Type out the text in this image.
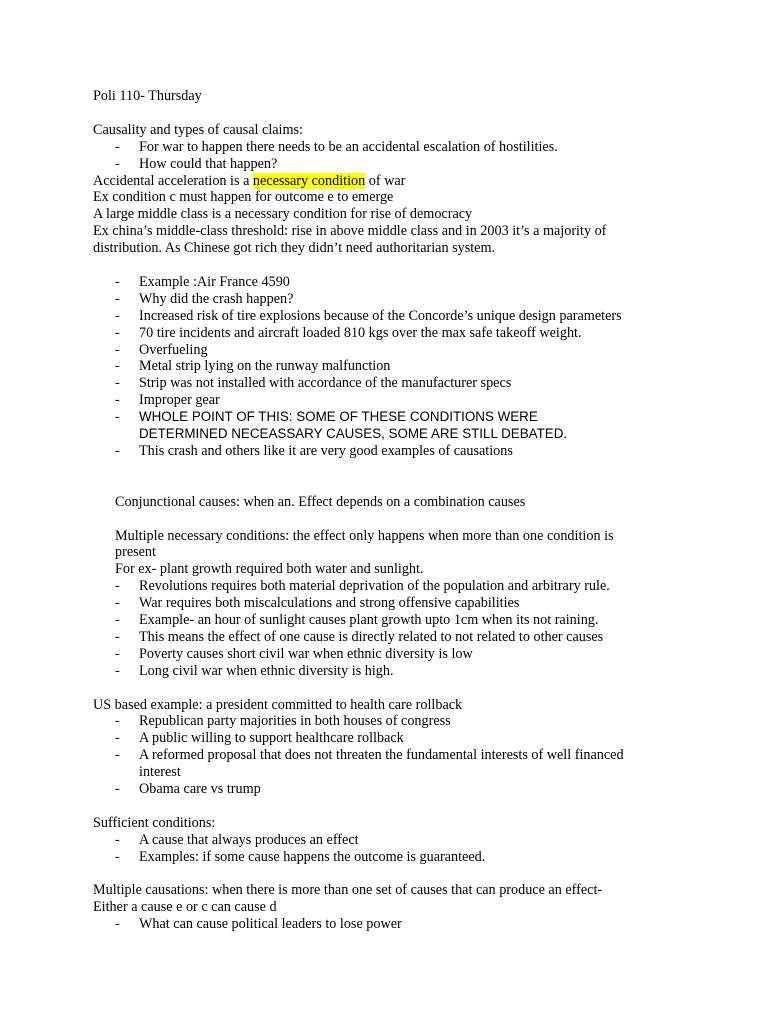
Poli 110- Thursday
Causality and types of causal claims:
- For war to happen there needs to be an accidental escalation of hostilities.
- How could that happen?
Accidental acceleration is a necessary condition of war
Ex condition c must happen for outcome e to emerge
A large middle class is a necessary condition for rise of democracy
Ex china’s middle-class threshold: rise in above middle class and in 2003 it’s a majority of
distribution. As Chinese got rich they didn’t need authoritarian system.
- Example :Air France 4590
- Why did the crash happen?
- Increased risk of tire explosions because of the Concorde’s unique design parameters
- 70 tire incidents and aircraft loaded 810 kgs over the max safe takeoff weight.
- Overfueling
- Metal strip lying on the runway malfunction
- Strip was not installed with accordance of the manufacturer specs
- Improper gear
- WHOLE POINT OF THIS: SOME OF THESE CONDITIONS WERE
DETERMINED NECEASSARY CAUSES, SOME ARE STILL DEBATED.
- This crash and others like it are very good examples of causations
Conjunctional causes: when an. Effect depends on a combination causes
Multiple necessary conditions: the effect only happens when more than one condition is
present
For ex- plant growth required both water and sunlight.
- Revolutions requires both material deprivation of the population and arbitrary rule.
- War requires both miscalculations and strong offensive capabilities
- Example- an hour of sunlight causes plant growth upto 1cm when its not raining.
- This means the effect of one cause is directly related to not related to other causes
- Poverty causes short civil war when ethnic diversity is low
- Long civil war when ethnic diversity is high.
US based example: a president committed to health care rollback
- Republican party majorities in both houses of congress
- A public willing to support healthcare rollback
- A reformed proposal that does not threaten the fundamental interests of well financed
interest
- Obama care vs trump
Sufficient conditions:
- A cause that always produces an effect
- Examples: if some cause happens the outcome is guaranteed.
Multiple causations: when there is more than one set of causes that can produce an effect-
Either a cause e or c can cause d
- What can cause political leaders to lose power
